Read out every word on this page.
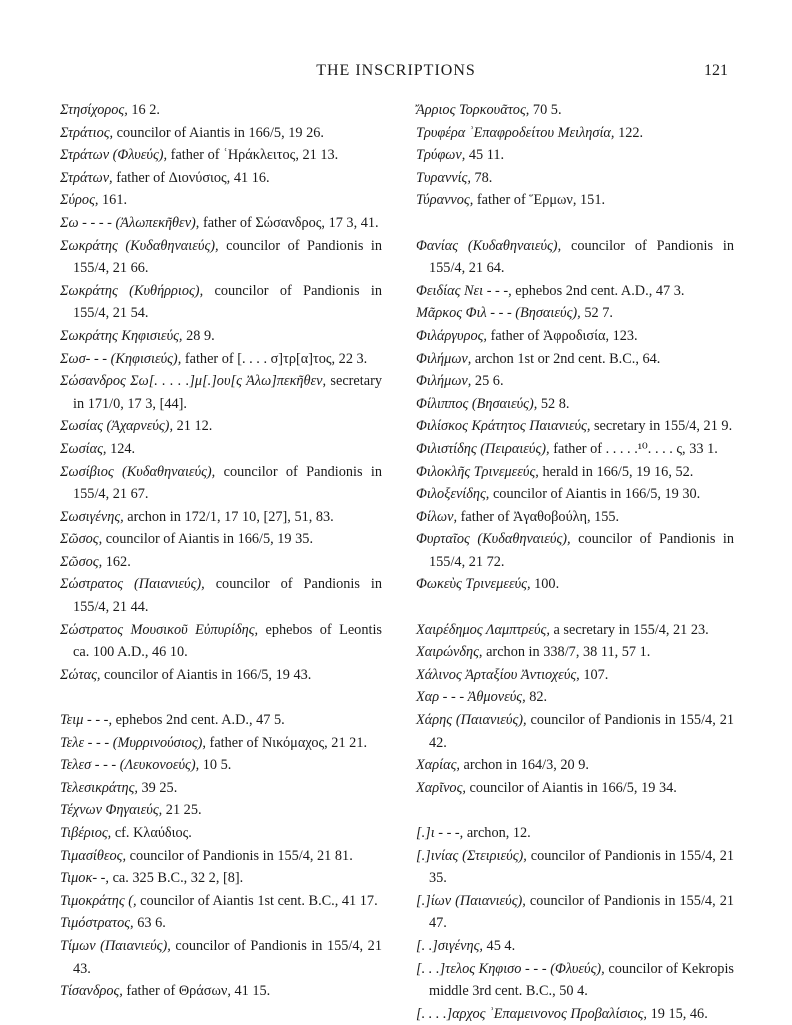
THE INSCRIPTIONS	121
Στησίχορος, 16 2.
Στράτιος, councilor of Aiantis in 166/5, 19 26.
Στράτων (Φλυεύς), father of ʿΗράκλειτος, 21 13.
Στράτων, father of Διονύσιος, 41 16.
Σύρος, 161.
Σω - - - - (Ἀλωπεκῆθεν), father of Σώσανδρος, 17 3, 41.
Σωκράτης (Κυδαθηναιεύς), councilor of Pandionis in 155/4, 21 66.
Σωκράτης (Κυθήρριος), councilor of Pandionis in 155/4, 21 54.
Σωκράτης Κηφισιεύς, 28 9.
Σωσ- - - (Κηφισιεύς), father of [. . . . σ]τρ[α]τος, 22 3.
Σώσανδρος Σω[. . . . .]μ[.]ου[ς Ἀλω]πεκῆθεν, secretary in 171/0, 17 3, [44].
Σωσίας (Ἀχαρνεύς), 21 12.
Σωσίας, 124.
Σωσίβιος (Κυδαθηναιεύς), councilor of Pandionis in 155/4, 21 67.
Σωσιγένης, archon in 172/1, 17 10, [27], 51, 83.
Σῶσος, councilor of Aiantis in 166/5, 19 35.
Σῶσος, 162.
Σώστρατος (Παιανιεύς), councilor of Pandionis in 155/4, 21 44.
Σώστρατος Μουσικοῦ Εὐπυρίδης, ephebos of Leontis ca. 100 A.D., 46 10.
Σώτας, councilor of Aiantis in 166/5, 19 43.
Τειμ - - -, ephebos 2nd cent. A.D., 47 5.
Τελε - - - (Μυρρινούσιος), father of Νικόμαχος, 21 21.
Τελεσ - - - (Λευκονοεύς), 10 5.
Τελεσικράτης, 39 25.
Τέχνων Φηγαιεύς, 21 25.
Τιβέριος, cf. Κλαύδιος.
Τιμασίθεος, councilor of Pandionis in 155/4, 21 81.
Τιμοκ- -, ca. 325 B.C., 32 2, [8].
Τιμοκράτης (, councilor of Aiantis 1st cent. B.C., 41 17.
Τιμόστρατος, 63 6.
Τίμων (Παιανιεύς), councilor of Pandionis in 155/4, 21 43.
Τίσανδρος, father of Θράσων, 41 15.
Ἄρριος Τορκουᾶτος, 70 5.
Τρυφέρα ʾΕπαφροδείτου Μειλησία, 122.
Τρύφων, 45 11.
Τυραννίς, 78.
Τύραννος, father of Ἕρμων, 151.
Φανίας (Κυδαθηναιεύς), councilor of Pandionis in 155/4, 21 64.
Φειδίας Νει - - -, ephebos 2nd cent. A.D., 47 3.
Μᾶρκος Φιλ - - - (Βησαιεύς), 52 7.
Φιλάργυρος, father of Ἀφροδισία, 123.
Φιλήμων, archon 1st or 2nd cent. B.C., 64.
Φιλήμων, 25 6.
Φίλιππος (Βησαιεύς), 52 8.
Φιλίσκος Κράτητος Παιανιεύς, secretary in 155/4, 21 9.
Φιλιστίδης (Πειραιεύς), father of . . . . .¹⁰. . . . ς, 33 1.
Φιλοκλῆς Τρινεμεεύς, herald in 166/5, 19 16, 52.
Φιλοξενίδης, councilor of Aiantis in 166/5, 19 30.
Φίλων, father of Ἀγαθοβούλη, 155.
Φυρταῖος (Κυδαθηναιεύς), councilor of Pandionis in 155/4, 21 72.
Φωκεὺς Τρινεμεεύς, 100.
Χαιρέδημος Λαμπτρεύς, a secretary in 155/4, 21 23.
Χαιρώνδης, archon in 338/7, 38 11, 57 1.
Χάλινος Ἀρταξίου Ἀντιοχεύς, 107.
Χαρ - - - Ἀθμονεύς, 82.
Χάρης (Παιανιεύς), councilor of Pandionis in 155/4, 21 42.
Χαρίας, archon in 164/3, 20 9.
Χαρῖνος, councilor of Aiantis in 166/5, 19 34.
[.]ι - - -, archon, 12.
[.]ινίας (Στειριεύς), councilor of Pandionis in 155/4, 21 35.
[.]ίων (Παιανιεύς), councilor of Pandionis in 155/4, 21 47.
[. .]σιγένης, 45 4.
[. . .]τελος Κηφισο - - - (Φλυεύς), councilor of Kekropis middle 3rd cent. B.C., 50 4.
[. . . .]αρχος ʾΕπαμεινονος Προβαλίσιος, 19 15, 46.
